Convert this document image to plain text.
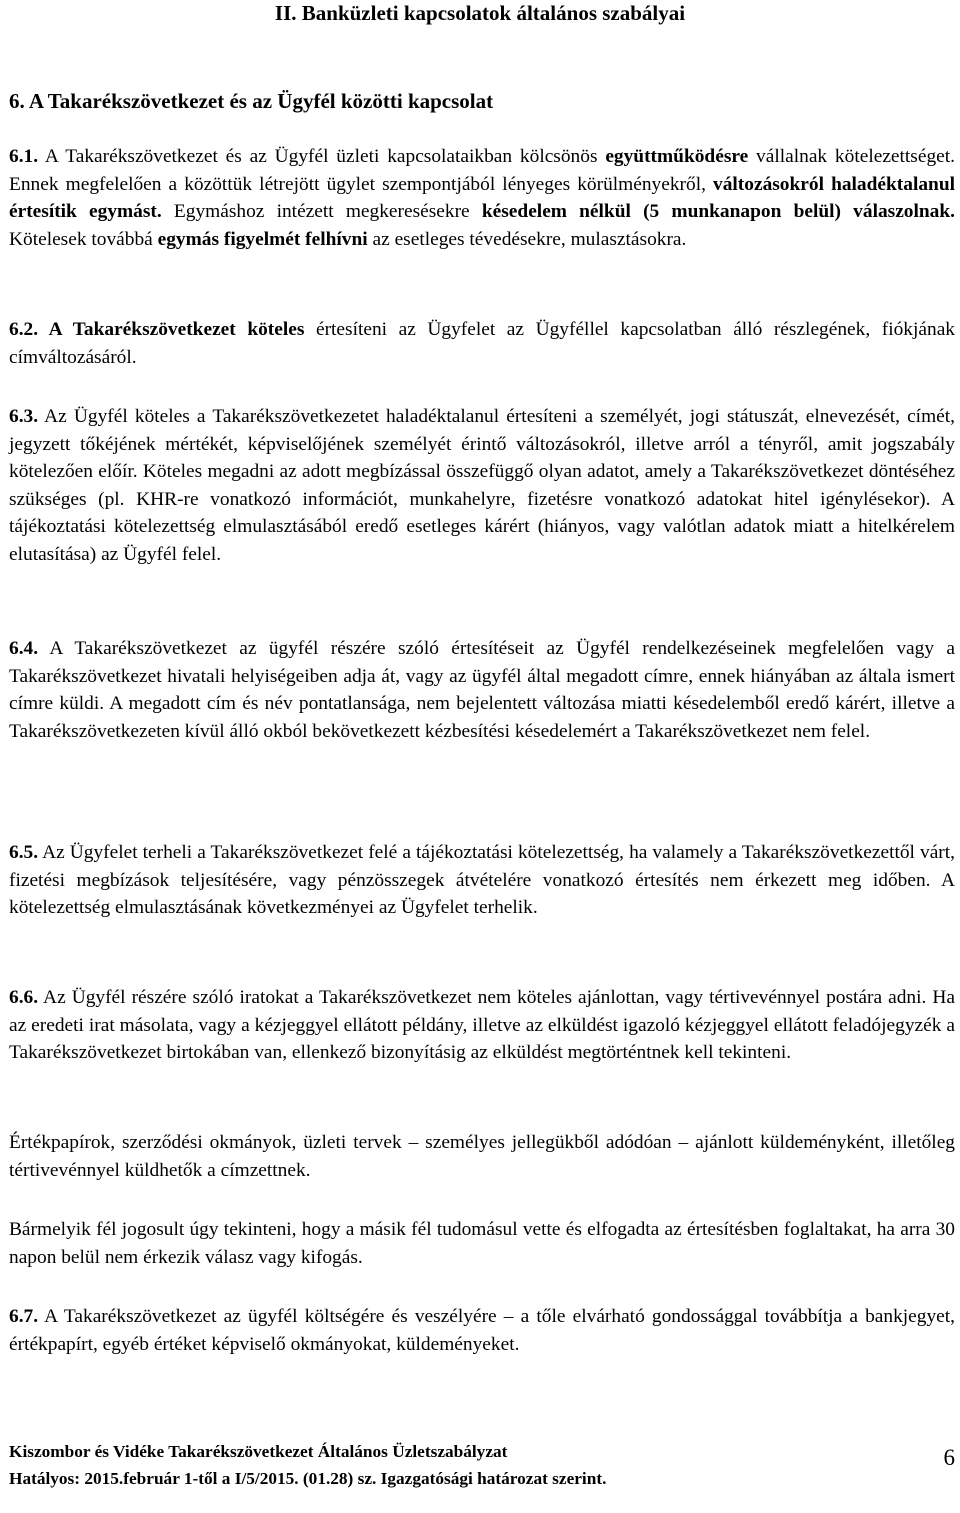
II. Banküzleti kapcsolatok általános szabályai
6. A Takarékszövetkezet és az Ügyfél közötti kapcsolat

6.1. A Takarékszövetkezet és az Ügyfél üzleti kapcsolataikban kölcsönös együttműködésre vállalnak kötelezettséget. Ennek megfelelően a közöttük létrejött ügylet szempontjából lényeges körülményekről, változásokról haladéktalanul értesítik egymást. Egymáshoz intézett megkeresésekre késedelem nélkül (5 munkanapon belül) válaszolnak. Kötelesek továbbá egymás figyelmét felhívni az esetleges tévedésekre, mulasztásokra.

6.2. A Takarékszövetkezet köteles értesíteni az Ügyfelet az Ügyféllel kapcsolatban álló részlegének, fiókjának címváltozásáról.

6.3. Az Ügyfél köteles a Takarékszövetkezetet haladéktalanul értesíteni a személyét, jogi státuszát, elnevezését, címét, jegyzett tőkéjének mértékét, képviselőjének személyét érintő változásokról, illetve arról a tényről, amit jogszabály kötelezően előír. Köteles megadni az adott megbízással összefüggő olyan adatot, amely a Takarékszövetkezet döntéséhez szükséges (pl. KHR-re vonatkozó információt, munkahelyre, fizetésre vonatkozó adatokat hitel igénylésekor). A tájékoztatási kötelezettség elmulasztásából eredő esetleges kárért (hiányos, vagy valótlan adatok miatt a hitelkérelem elutasítása) az Ügyfél felel.

6.4. A Takarékszövetkezet az ügyfél részére szóló értesítéseit az Ügyfél rendelkezéseinek megfelelően vagy a Takarékszövetkezet hivatali helyiségeiben adja át, vagy az ügyfél által megadott címre, ennek hiányában az általa ismert címre küldi. A megadott cím és név pontatlansága, nem bejelentett változása miatti késedelemből eredő kárért, illetve a Takarékszövetkezeten kívül álló okból bekövetkezett kézbesítési késedelemért a Takarékszövetkezet nem felel.

6.5. Az Ügyfelet terheli a Takarékszövetkezet felé a tájékoztatási kötelezettség, ha valamely a Takarékszövetkezettől várt, fizetési megbízások teljesítésére, vagy pénzösszegek átvételére vonatkozó értesítés nem érkezett meg időben. A kötelezettség elmulasztásának következményei az Ügyfelet terhelik.

6.6. Az Ügyfél részére szóló iratokat a Takarékszövetkezet nem köteles ajánlottan, vagy tértivevénnyel postára adni. Ha az eredeti irat másolata, vagy a kézjeggyel ellátott példány, illetve az elküldést igazoló kézjeggyel ellátott feladójegyzék a Takarékszövetkezet birtokában van, ellenkező bizonyításig az elküldést megtörténtnek kell tekinteni.

Értékpapírok, szerződési okmányok, üzleti tervek – személyes jellegükből adódóan – ajánlott küldeményként, illetőleg tértivevénnyel küldhetők a címzettnek.

Bármelyik fél jogosult úgy tekinteni, hogy a másik fél tudomásul vette és elfogadta az értesítésben foglaltakat, ha arra 30 napon belül nem érkezik válasz vagy kifogás.

6.7. A Takarékszövetkezet az ügyfél költségére és veszélyére – a tőle elvárható gondossággal továbbítja a bankjegyet, értékpapírt, egyéb értéket képviselő okmányokat, küldeményeket.

Kiszombor és Vidéke Takarékszövetkezet Általános Üzletszabályzat
Hatályos: 2015.február 1-től a I/5/2015. (01.28) sz. Igazgatósági határozat szerint.
6
